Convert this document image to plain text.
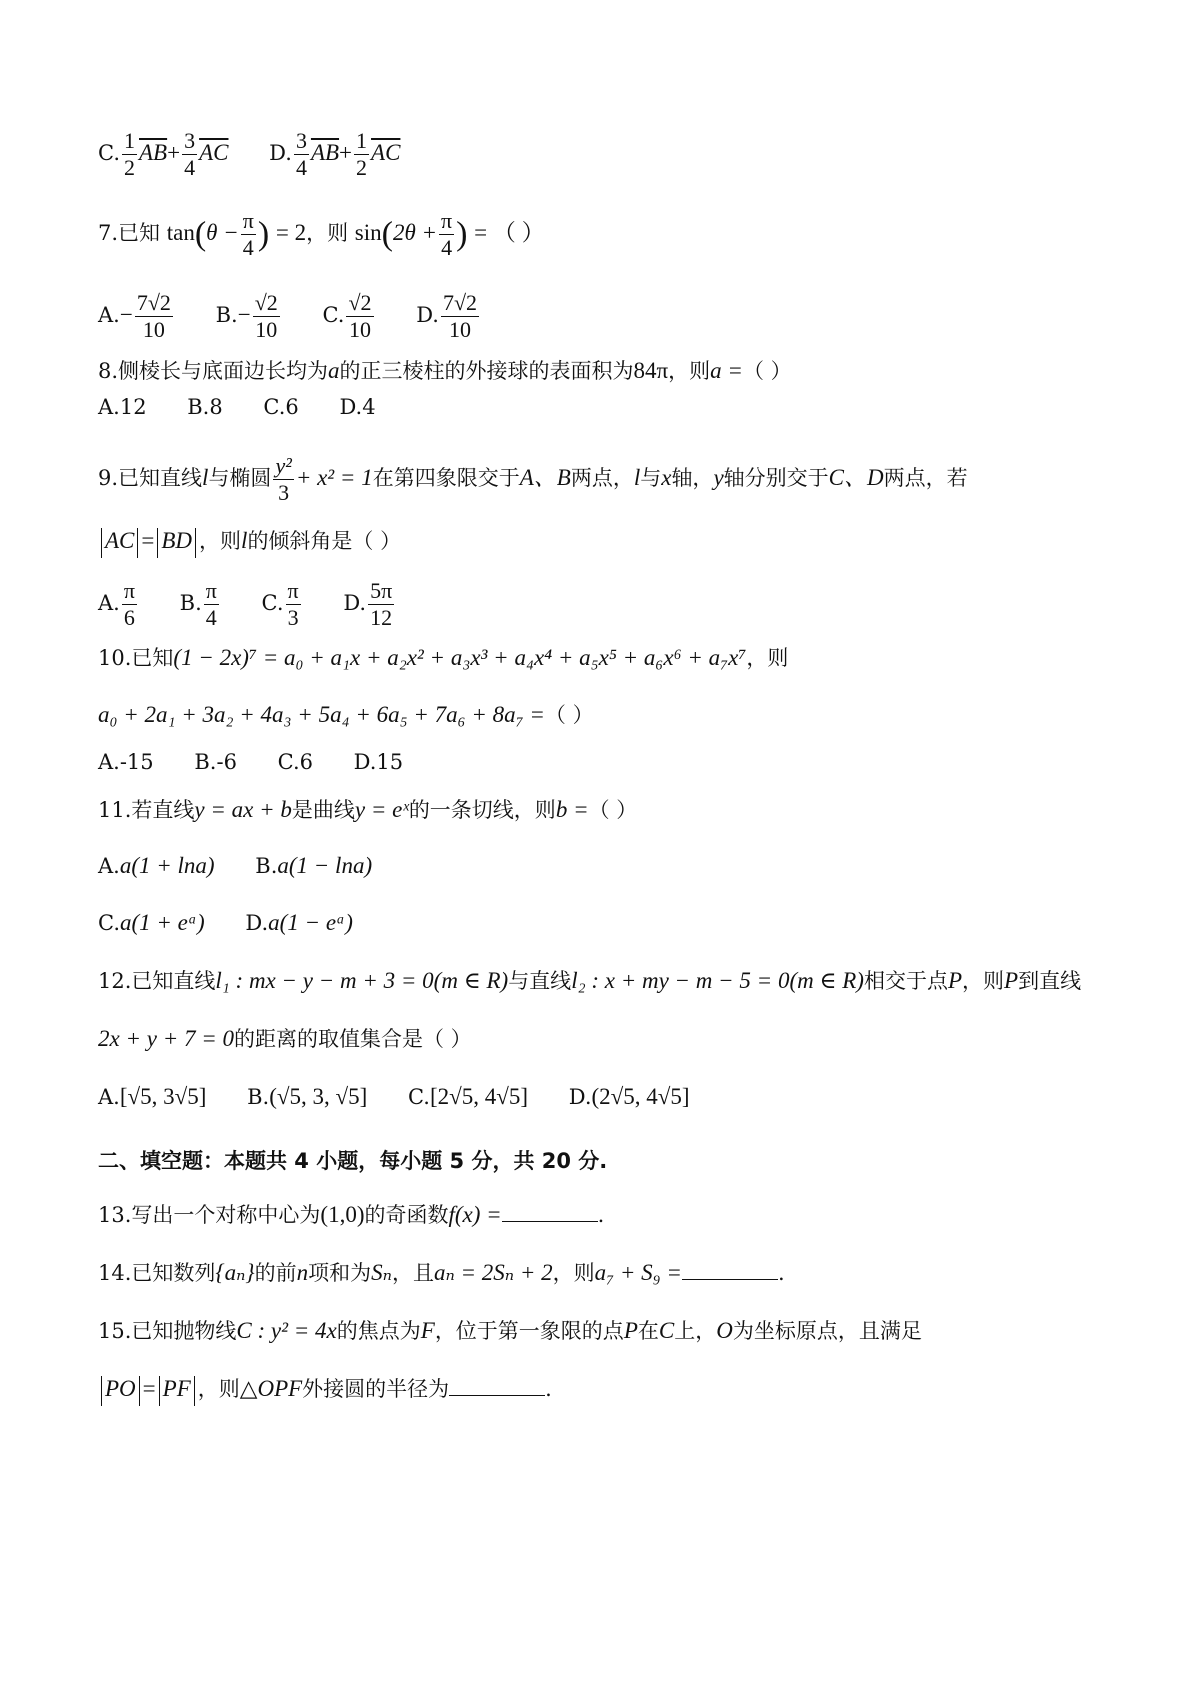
C. $\frac{1}{2} \overline{AB}+ \frac{3}{4} \overline{AC}$ D. $\frac{3}{4} \overline{AB}+ \frac{1}{2} \overline{AC}$
7.已知 $\tan(\theta - \frac{\pi}{4}$ ) = 2，则 $\sin(2\theta + \frac{\pi}{4}$ ) = （ ）
$A.- \frac{7√2}{10} B.- \frac{√2}{10} C$. $\frac{√2}{10} D$. $\frac{7√2}{10}$
8.侧棱长与底面边长均为a的正三棱柱的外接球的表面积为84π，则a =（ ）
A.12 B.8 C.6 D.4
9.已知直线l与椭圆 $\frac{\text{y²}}{3} + x^2 = 1$在第四象限交于A、B两点，l与x轴，y轴分别交于C、D两点，若
AC = BD ，则l的倾斜角是（ ）
A. $\frac{\pi}{6} B$. $\frac{\pi}{4} C$. $\frac{\pi}{3} D$. $\frac{5\pi}{12}$
10.已知(1 − 2x)⁷ = a₀ + a₁x + a₂x² + a₃x³ + a₄x⁴ + a₅x⁵ + a₆x⁶ + a₇x⁷，则
a₀ + 2a₁ + 3a₂ + 4a₃ + 5a₄ + 6a₅ + 7a₆ + 8a₇ =（ ）
A.-15 B.-6 C.6 D.15
11.若直线y = ax + b是曲线y = eˣ的一条切线，则b =（ ）
A.a(1 + lna) B.a(1 − lna)
C.a(1 + eᵃ) D.a(1 − eᵃ)
12.已知直线l₁ : mx − y − m + 3 = 0(m ∈ R)与直线l₂ : x + my − m − 5 = 0(m ∈ R)相交于点P，则P到直线
2x + y + 7 = 0的距离的取值集合是（ ）
A.[√5, 3√5] B.(√5, 3, √5] C.[2√5, 4√5] D.(2√5, 4√5]
二、填空题：本题共 4 小题，每小题 5 分，共 20 分.
13.写出一个对称中心为(1,0)的奇函数f(x) =	.
14.已知数列{aₙ}的前n项和为Sₙ，且aₙ = 2Sₙ + 2，则a₇ + S₉ =	.
15.已知抛物线C : y² = 4x的焦点为F，位于第一象限的点P在C上，O为坐标原点，且满足
PO = PF ，则△OPF外接圆的半径为	.
